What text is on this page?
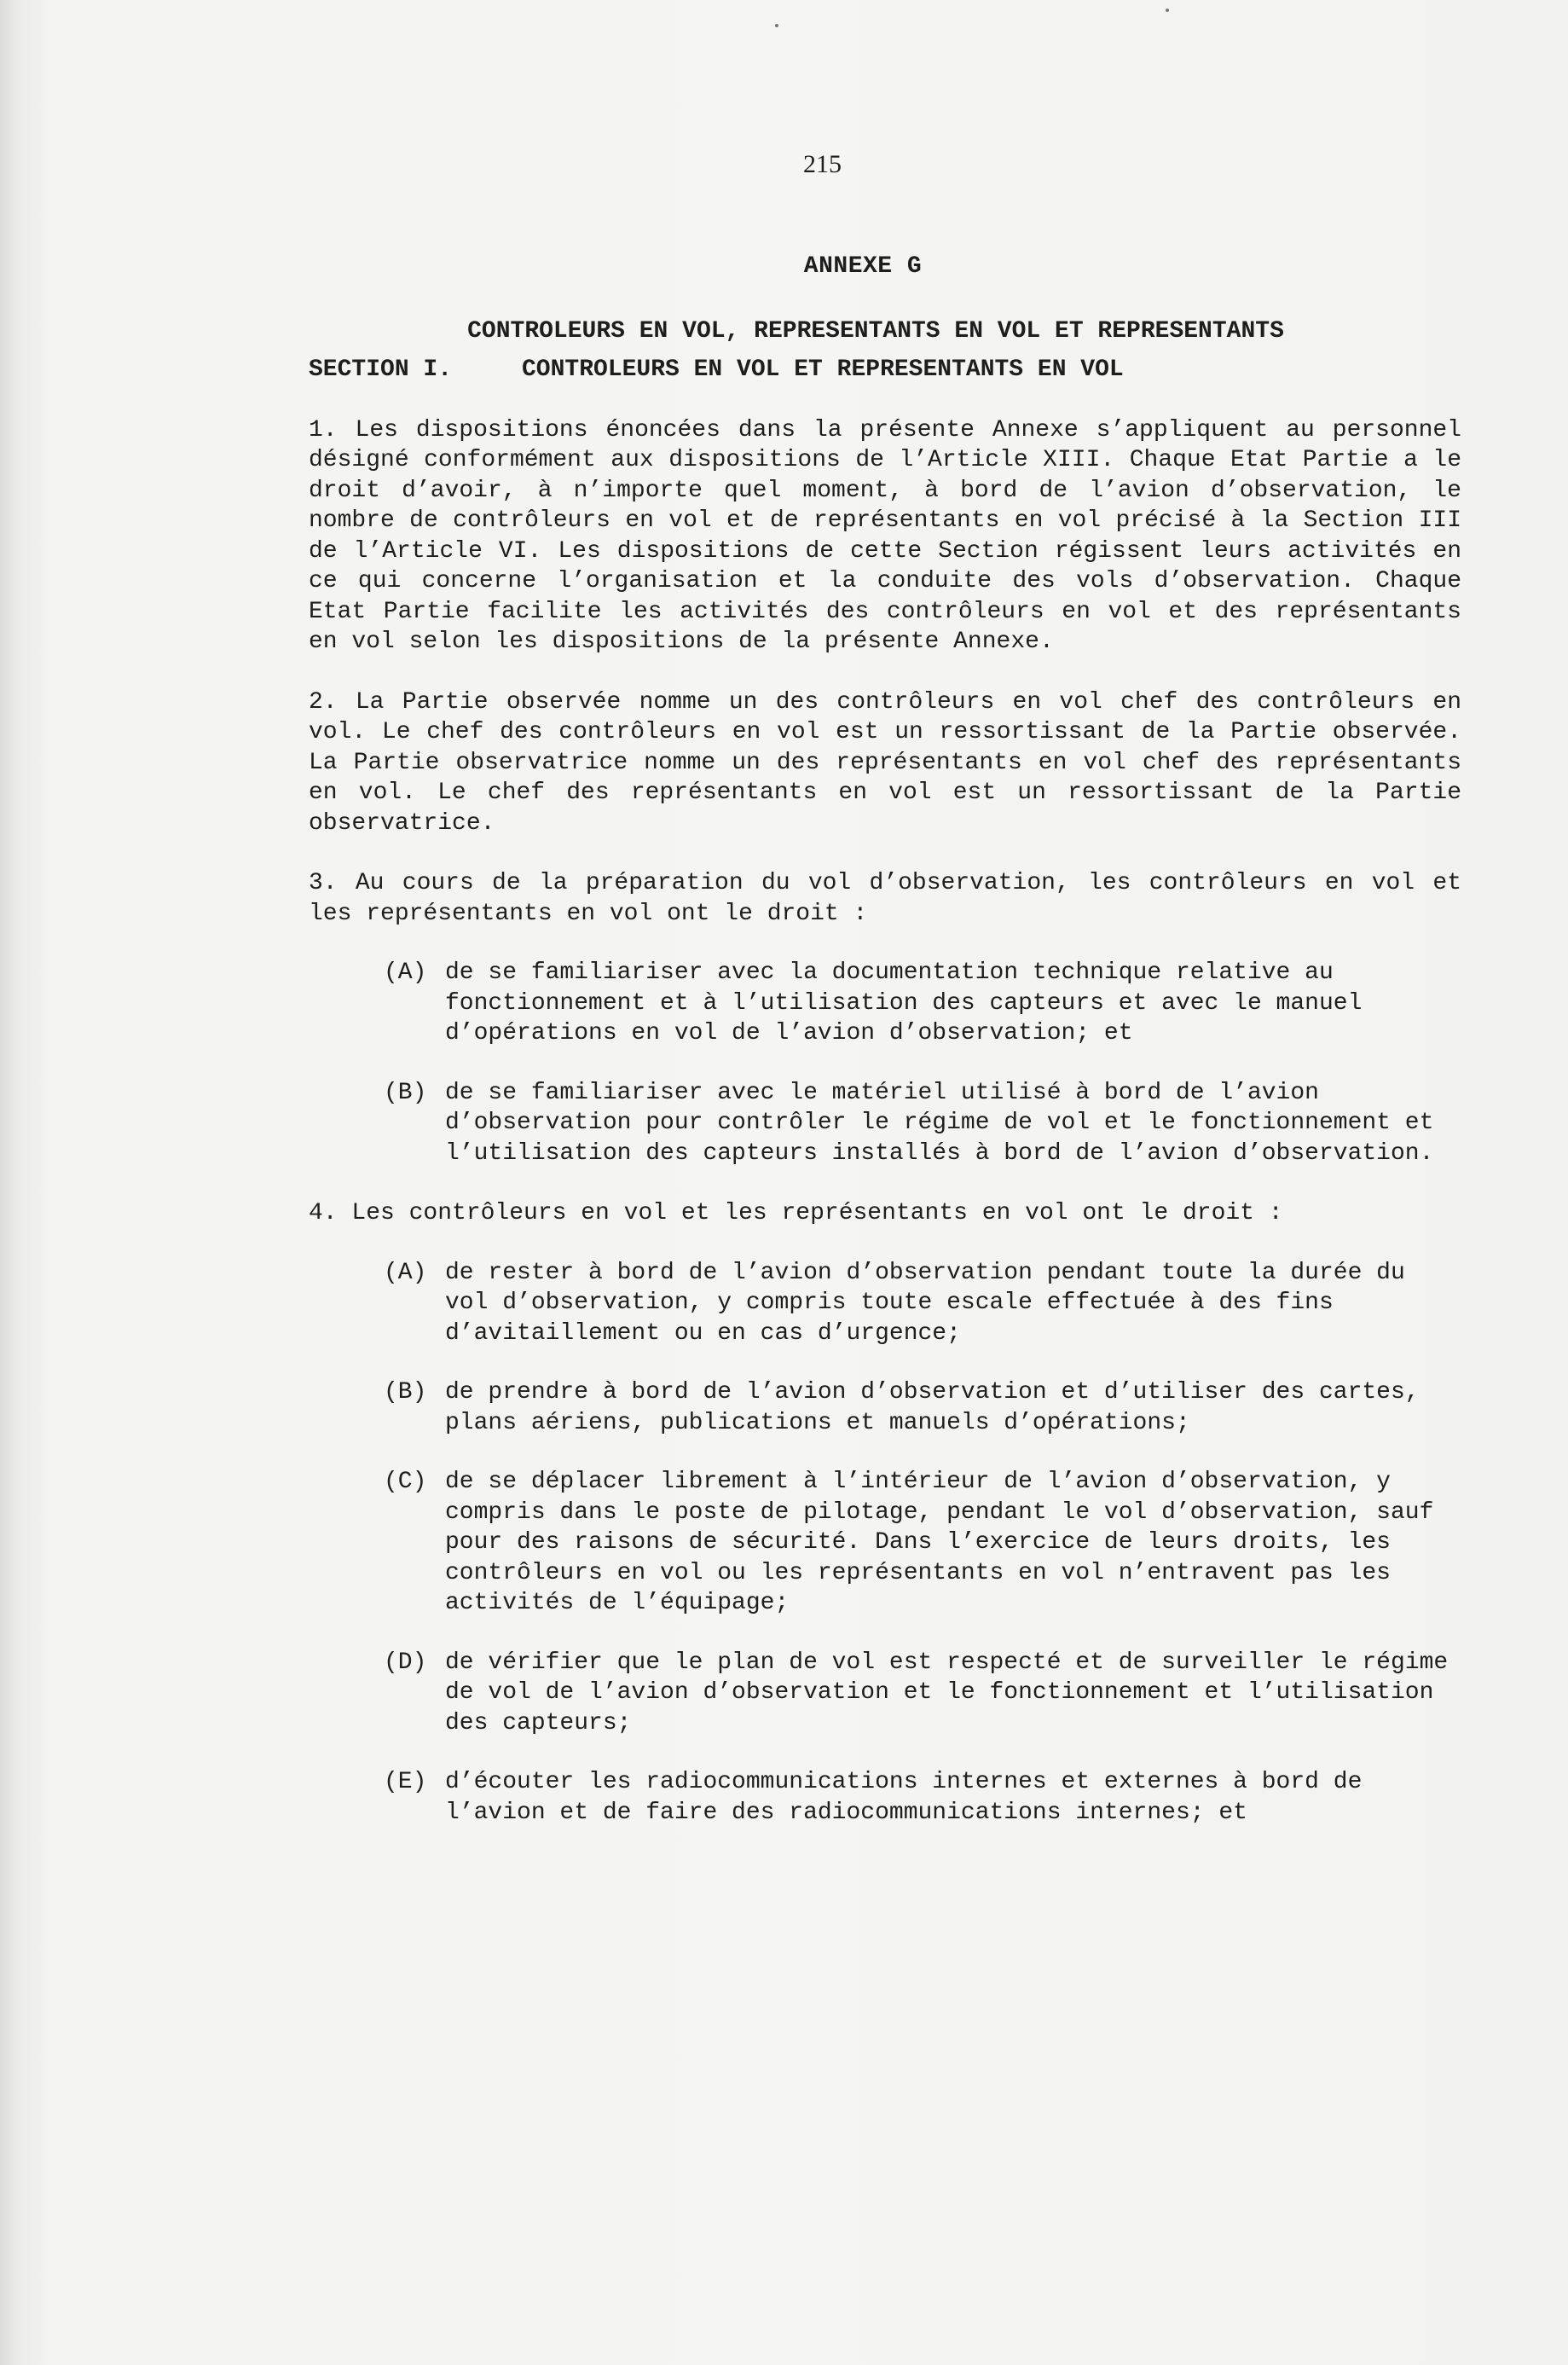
215
ANNEXE G
CONTROLEURS EN VOL, REPRESENTANTS EN VOL ET REPRESENTANTS
SECTION I.	CONTROLEURS EN VOL ET REPRESENTANTS EN VOL
1. Les dispositions énoncées dans la présente Annexe s’appliquent au personnel désigné conformément aux dispositions de l’Article XIII. Chaque Etat Partie a le droit d’avoir, à n’importe quel moment, à bord de l’avion d’observation, le nombre de contrôleurs en vol et de représentants en vol précisé à la Section III de l’Article VI. Les dispositions de cette Section régissent leurs activités en ce qui concerne l’organisation et la conduite des vols d’observation. Chaque Etat Partie facilite les activités des contrôleurs en vol et des représentants en vol selon les dispositions de la présente Annexe.
2. La Partie observée nomme un des contrôleurs en vol chef des contrôleurs en vol. Le chef des contrôleurs en vol est un ressortissant de la Partie observée. La Partie observatrice nomme un des représentants en vol chef des représentants en vol. Le chef des représentants en vol est un ressortissant de la Partie observatrice.
3. Au cours de la préparation du vol d’observation, les contrôleurs en vol et les représentants en vol ont le droit :
(A) de se familiariser avec la documentation technique relative au fonctionnement et à l’utilisation des capteurs et avec le manuel d’opérations en vol de l’avion d’observation; et
(B) de se familiariser avec le matériel utilisé à bord de l’avion d’observation pour contrôler le régime de vol et le fonctionnement et l’utilisation des capteurs installés à bord de l’avion d’observation.
4. Les contrôleurs en vol et les représentants en vol ont le droit :
(A) de rester à bord de l’avion d’observation pendant toute la durée du vol d’observation, y compris toute escale effectuée à des fins d’avitaillement ou en cas d’urgence;
(B) de prendre à bord de l’avion d’observation et d’utiliser des cartes, plans aériens, publications et manuels d’opérations;
(C) de se déplacer librement à l’intérieur de l’avion d’observation, y compris dans le poste de pilotage, pendant le vol d’observation, sauf pour des raisons de sécurité. Dans l’exercice de leurs droits, les contrôleurs en vol ou les représentants en vol n’entravent pas les activités de l’équipage;
(D) de vérifier que le plan de vol est respecté et de surveiller le régime de vol de l’avion d’observation et le fonctionnement et l’utilisation des capteurs;
(E) d’écouter les radiocommunications internes et externes à bord de l’avion et de faire des radiocommunications internes; et
